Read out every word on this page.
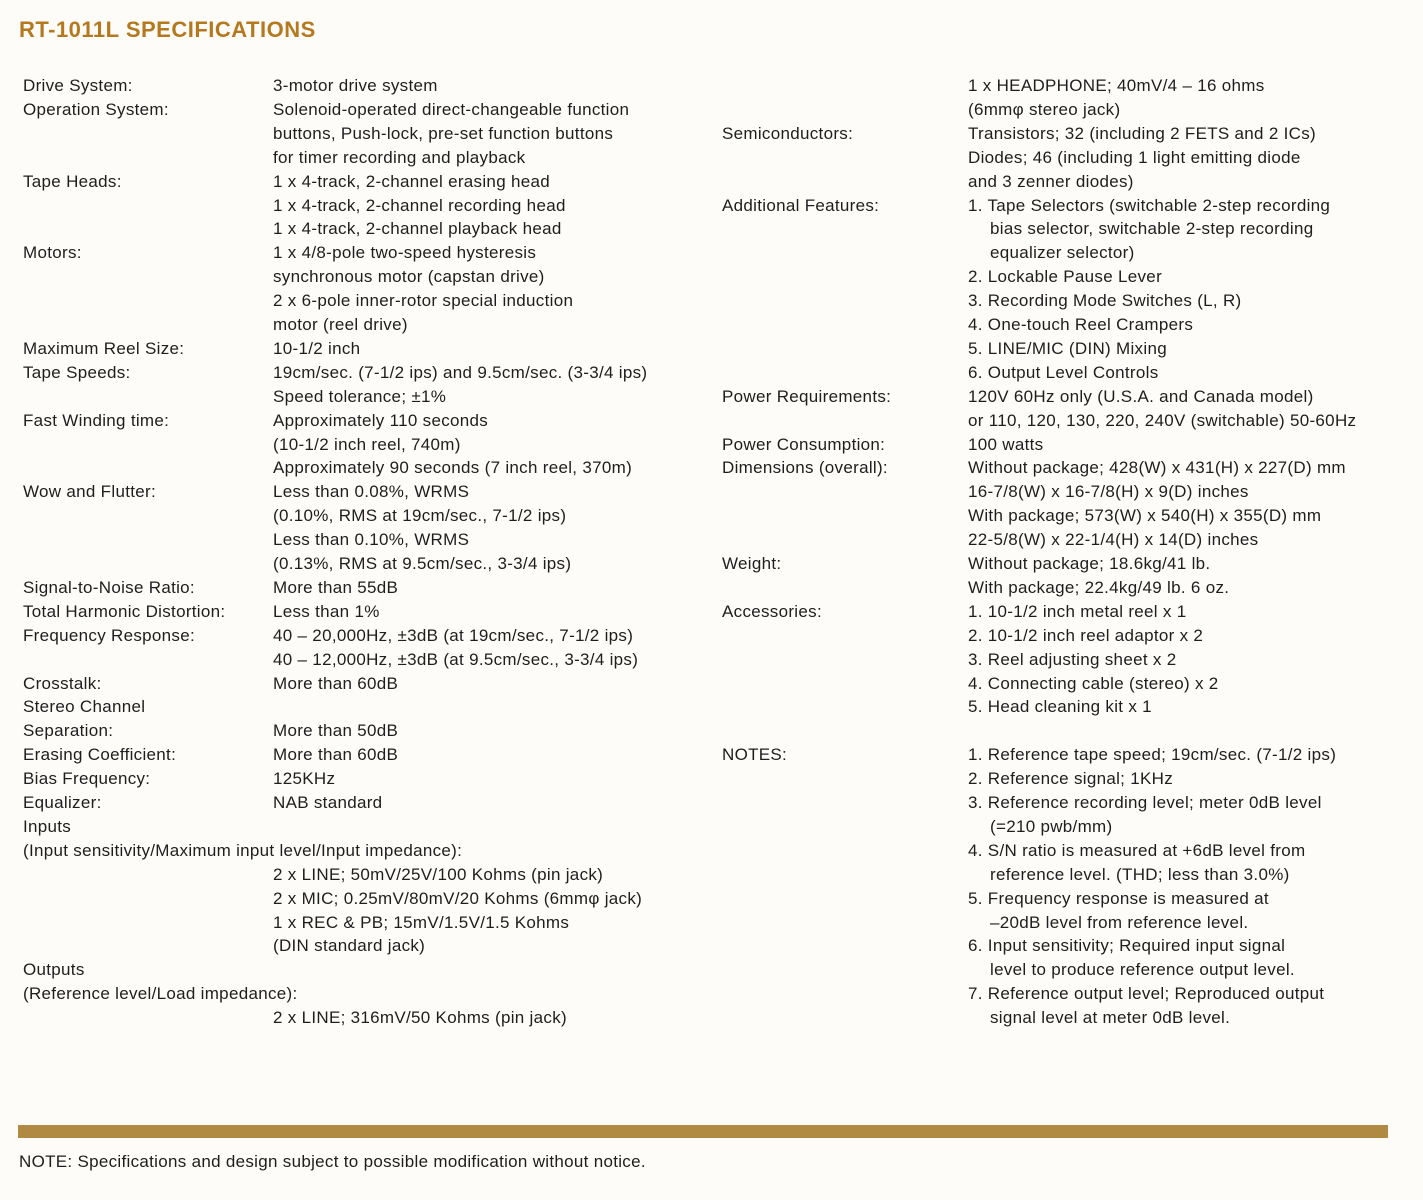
RT-1011L SPECIFICATIONS
Drive System:	3-motor drive system
Operation System:	Solenoid-operated direct-changeable function
buttons, Push-lock, pre-set function buttons
for timer recording and playback
Tape Heads:	1 x 4-track, 2-channel erasing head
1 x 4-track, 2-channel recording head
1 x 4-track, 2-channel playback head
Motors:	1 x 4/8-pole two-speed hysteresis
synchronous motor (capstan drive)
2 x 6-pole inner-rotor special induction
motor (reel drive)
Maximum Reel Size:	10-1/2 inch
Tape Speeds:	19cm/sec. (7-1/2 ips) and 9.5cm/sec. (3-3/4 ips)
Speed tolerance; ±1%
Fast Winding time:	Approximately 110 seconds
(10-1/2 inch reel, 740m)
Approximately 90 seconds (7 inch reel, 370m)
Wow and Flutter:	Less than 0.08%, WRMS
(0.10%, RMS at 19cm/sec., 7-1/2 ips)
Less than 0.10%, WRMS
(0.13%, RMS at 9.5cm/sec., 3-3/4 ips)
Signal-to-Noise Ratio:	More than 55dB
Total Harmonic Distortion:	Less than 1%
Frequency Response:	40 – 20,000Hz, ±3dB (at 19cm/sec., 7-1/2 ips)
40 – 12,000Hz, ±3dB (at 9.5cm/sec., 3-3/4 ips)
Crosstalk:	More than 60dB
Stereo Channel
Separation:	More than 50dB
Erasing Coefficient:	More than 60dB
Bias Frequency:	125KHz
Equalizer:	NAB standard
Inputs
(Input sensitivity/Maximum input level/Input impedance):
2 x LINE; 50mV/25V/100 Kohms (pin jack)
2 x MIC; 0.25mV/80mV/20 Kohms (6mmφ jack)
1 x REC & PB; 15mV/1.5V/1.5 Kohms
(DIN standard jack)
Outputs
(Reference level/Load impedance):
2 x LINE; 316mV/50 Kohms (pin jack)
1 x HEADPHONE; 40mV/4 – 16 ohms
(6mmφ stereo jack)
Semiconductors:	Transistors; 32 (including 2 FETS and 2 ICs)
Diodes; 46 (including 1 light emitting diode
and 3 zenner diodes)
Additional Features:	1. Tape Selectors (switchable 2-step recording
bias selector, switchable 2-step recording
equalizer selector)
2. Lockable Pause Lever
3. Recording Mode Switches (L, R)
4. One-touch Reel Crampers
5. LINE/MIC (DIN) Mixing
6. Output Level Controls
Power Requirements:	120V 60Hz only (U.S.A. and Canada model)
or 110, 120, 130, 220, 240V (switchable) 50-60Hz
Power Consumption:	100 watts
Dimensions (overall):	Without package; 428(W) x 431(H) x 227(D) mm
16-7/8(W) x 16-7/8(H) x 9(D) inches
With package; 573(W) x 540(H) x 355(D) mm
22-5/8(W) x 22-1/4(H) x 14(D) inches
Weight:	Without package; 18.6kg/41 lb.
With package; 22.4kg/49 lb. 6 oz.
Accessories:	1. 10-1/2 inch metal reel x 1
2. 10-1/2 inch reel adaptor x 2
3. Reel adjusting sheet x 2
4. Connecting cable (stereo) x 2
5. Head cleaning kit x 1
NOTES:	1. Reference tape speed; 19cm/sec. (7-1/2 ips)
2. Reference signal; 1KHz
3. Reference recording level; meter 0dB level
(=210 pwb/mm)
4. S/N ratio is measured at +6dB level from
reference level. (THD; less than 3.0%)
5. Frequency response is measured at
–20dB level from reference level.
6. Input sensitivity; Required input signal
level to produce reference output level.
7. Reference output level; Reproduced output
signal level at meter 0dB level.
NOTE: Specifications and design subject to possible modification without notice.
